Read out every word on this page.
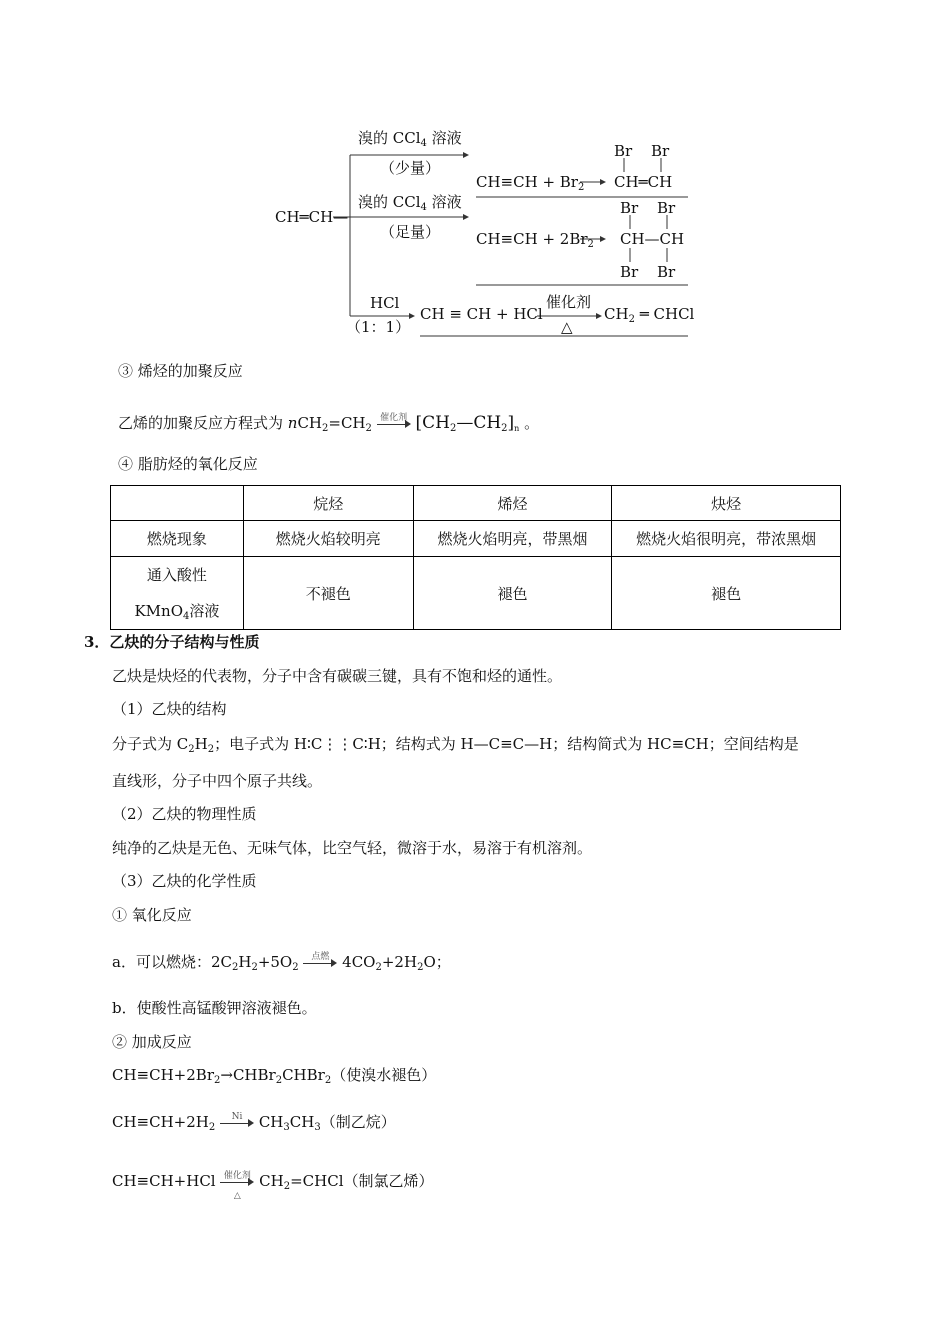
CH═CH—
溴的 CCl$_4$ 溶液
（少量）
$CH\equiv CH + Br_2$
Br Br
CH═CH
溴的 CCl$_4$ 溶液
（足量） $CH\equiv CH + 2Br_2$
Br Br
CH—CH
Br Br
HCl
（1：1）
CH ≡ CH + HCl
催化剂
△
$CH_2$ ═ CHCl
③ 烯烃的加聚反应
乙烯的加聚反应方程式为 $nCH_2=CH_2$
催化剂 $[CH_2—CH_2]_n$ 。
④ 脂肪烃的氧化反应
	烷烃	烯烃	炔烃
燃烧现象	燃烧火焰较明亮	燃烧火焰明亮，带黑烟	燃烧火焰很明亮，带浓黑烟

通入酸性
KMnO$_4$溶液	不褪色	褪色	褪色
3．乙炔的分子结构与性质
乙炔是炔烃的代表物，分子中含有碳碳三键，具有不饱和烃的通性。
（1）乙炔的结构
分子式为 $C_2H_2$；电子式为 H∶C⋮⋮C∶H；结构式为 H—C≡C—H；结构简式为 HC≡CH；空间结构是
直线形，分子中四个原子共线。
（2）乙炔的物理性质
纯净的乙炔是无色、无味气体，比空气轻，微溶于水，易溶于有机溶剂。
（3）乙炔的化学性质
① 氧化反应
a．可以燃烧：$2C_2H_2+5O_2$
点燃 $4CO_2+2H_2O$；
b．使酸性高锰酸钾溶液褪色。
② 加成反应
$CH\equiv CH+2Br_2\to CHBr_2CHBr_2$（使溴水褪色）
$CH\equiv CH+2H_2$
Ni $CH_3CH_3$（制乙烷）
CH≡CH+HCl 催化剂
△
$CH_2=CHCl$（制氯乙烯）
